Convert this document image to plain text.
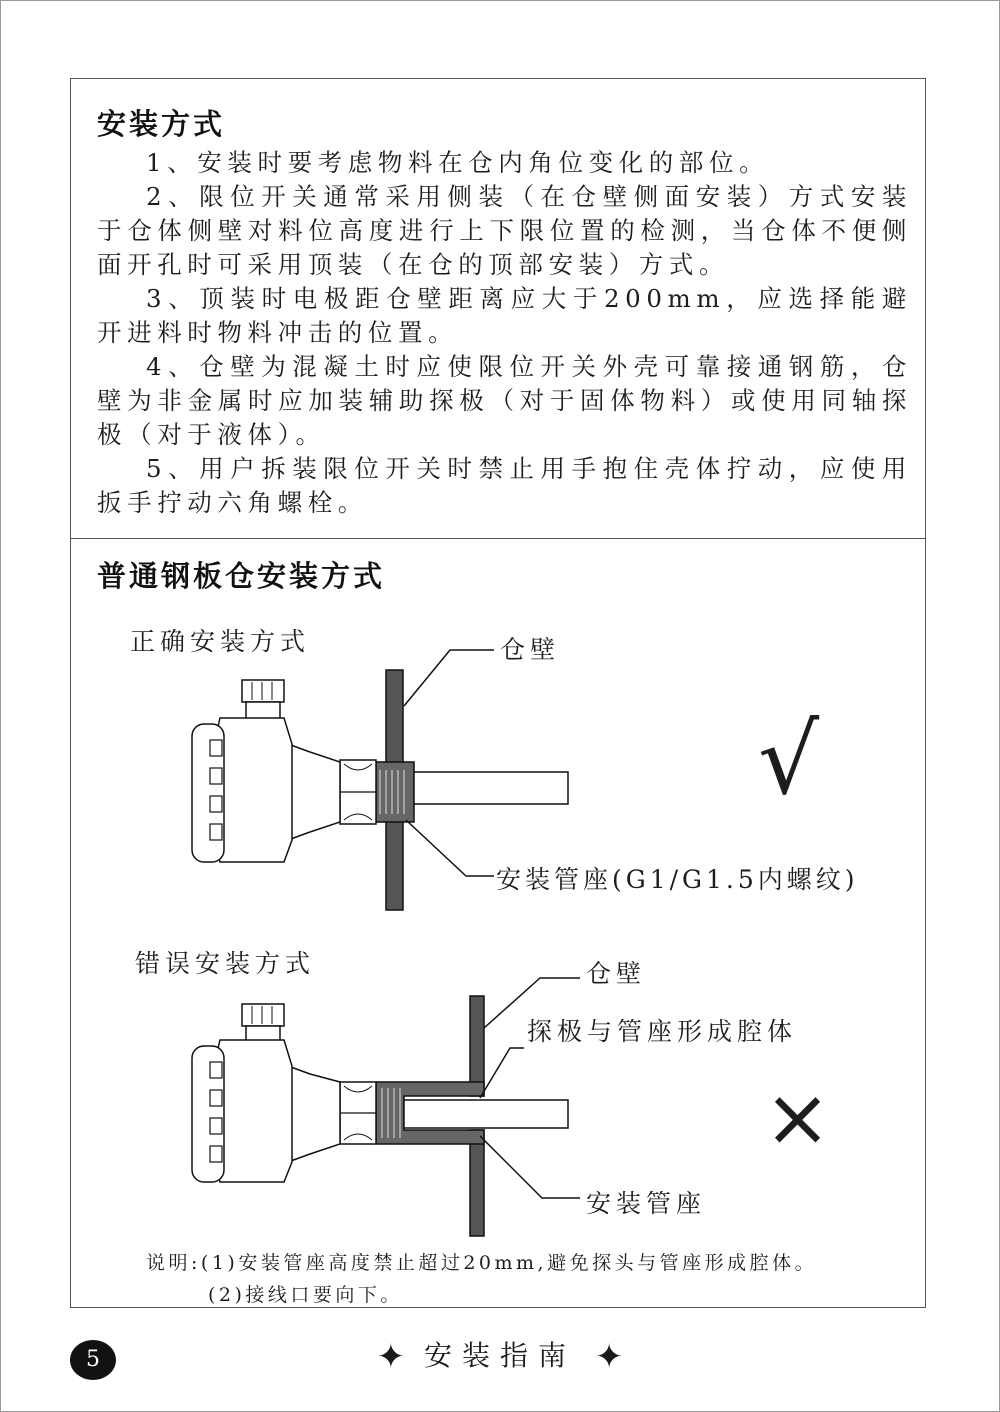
安装方式
1、安装时要考虑物料在仓内角位变化的部位。
2、限位开关通常采用侧装（在仓壁侧面安装）方式安装于仓体侧壁对料位高度进行上下限位置的检测，当仓体不便侧面开孔时可采用顶装（在仓的顶部安装）方式。
3、顶装时电极距仓壁距离应大于200mm，应选择能避开进料时物料冲击的位置。
4、仓壁为混凝土时应使限位开关外壳可靠接通钢筋，仓壁为非金属时应加装辅助探极（对于固体物料）或使用同轴探极（对于液体）。
5、用户拆装限位开关时禁止用手抱住壳体拧动，应使用扳手拧动六角螺栓。
普通钢板仓安装方式
正确安装方式	仓壁
安装管座(G1/G1.5内螺纹)
√
错误安装方式	仓壁
探极与管座形成腔体
安装管座
×
说明:(1)安装管座高度禁止超过20mm,避免探头与管座形成腔体。
(2)接线口要向下。
5	✦ 安装指南 ✦
